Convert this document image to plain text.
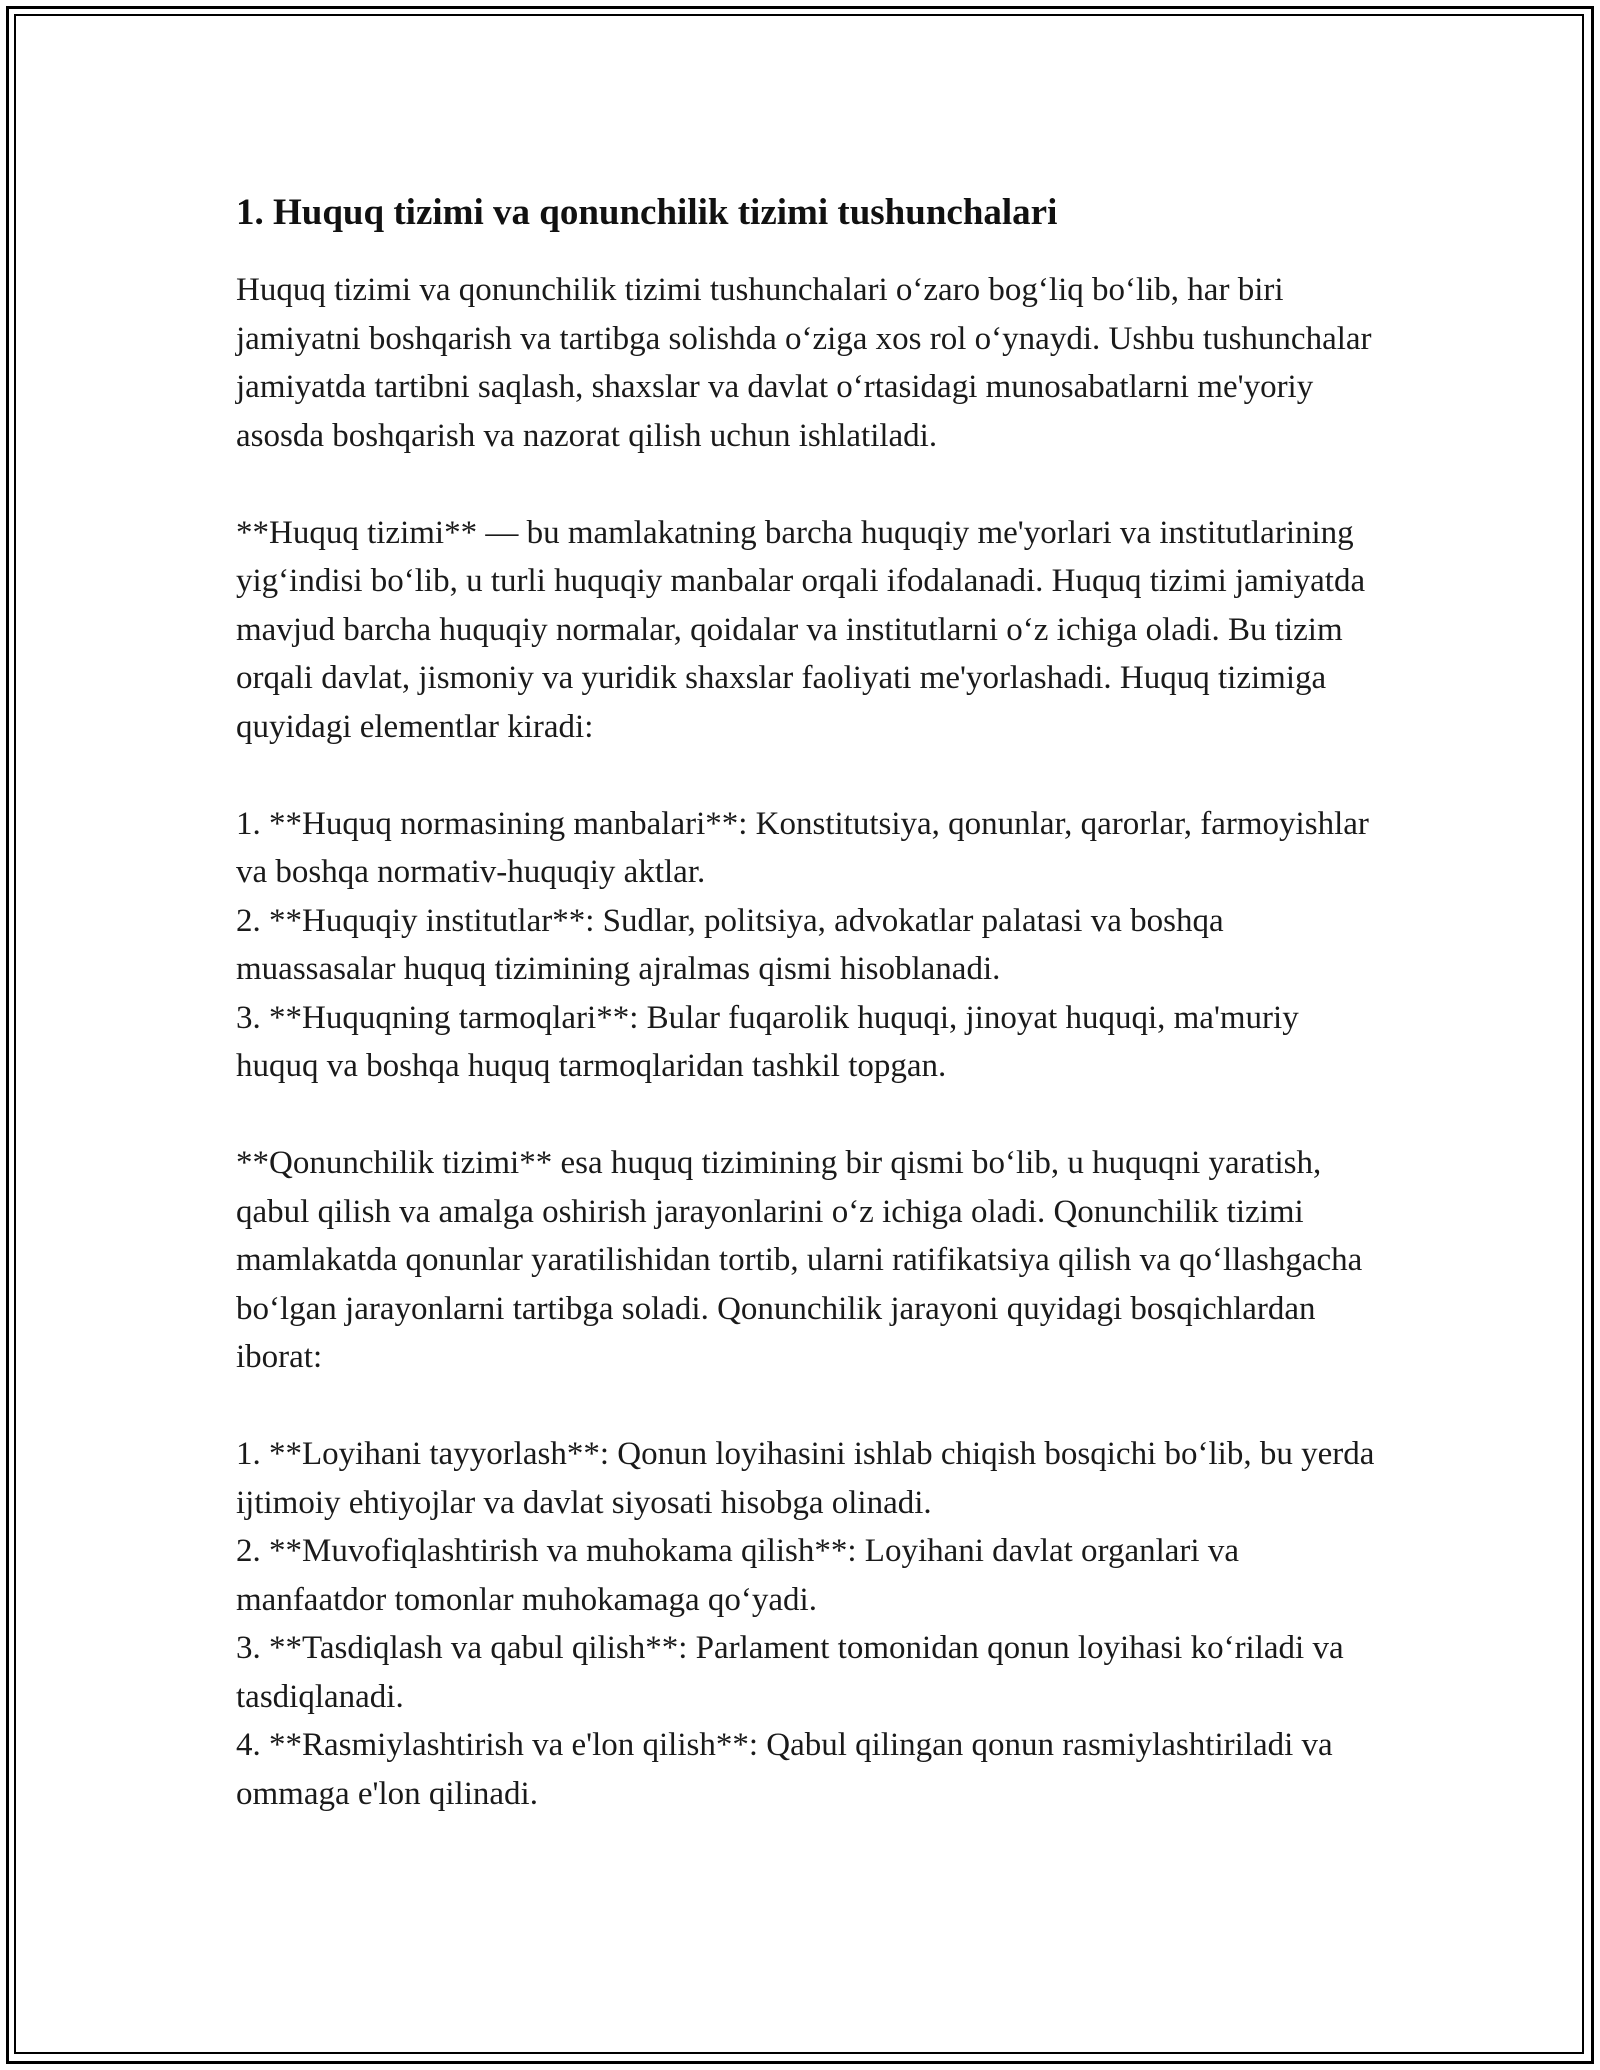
1. Huquq tizimi va qonunchilik tizimi tushunchalari

Huquq tizimi va qonunchilik tizimi tushunchalari o‘zaro bog‘liq bo‘lib, har biri jamiyatni boshqarish va tartibga solishda o‘ziga xos rol o‘ynaydi. Ushbu tushunchalar jamiyatda tartibni saqlash, shaxslar va davlat o‘rtasidagi munosabatlarni me'yoriy asosda boshqarish va nazorat qilish uchun ishlatiladi.

**Huquq tizimi** — bu mamlakatning barcha huquqiy me'yorlari va institutlarining yig‘indisi bo‘lib, u turli huquqiy manbalar orqali ifodalanadi. Huquq tizimi jamiyatda mavjud barcha huquqiy normalar, qoidalar va institutlarni o‘z ichiga oladi. Bu tizim orqali davlat, jismoniy va yuridik shaxslar faoliyati me'yorlashadi. Huquq tizimiga quyidagi elementlar kiradi:

1. **Huquq normasining manbalari**: Konstitutsiya, qonunlar, qarorlar, farmoyishlar va boshqa normativ-huquqiy aktlar.

2. **Huquqiy institutlar**: Sudlar, politsiya, advokatlar palatasi va boshqa muassasalar huquq tizimining ajralmas qismi hisoblanadi.

3. **Huquqning tarmoqlari**: Bular fuqarolik huquqi, jinoyat huquqi, ma'muriy huquq va boshqa huquq tarmoqlaridan tashkil topgan.

**Qonunchilik tizimi** esa huquq tizimining bir qismi bo‘lib, u huquqni yaratish, qabul qilish va amalga oshirish jarayonlarini o‘z ichiga oladi. Qonunchilik tizimi mamlakatda qonunlar yaratilishidan tortib, ularni ratifikatsiya qilish va qo‘llashgacha bo‘lgan jarayonlarni tartibga soladi. Qonunchilik jarayoni quyidagi bosqichlardan iborat:

1. **Loyihani tayyorlash**: Qonun loyihasini ishlab chiqish bosqichi bo‘lib, bu yerda ijtimoiy ehtiyojlar va davlat siyosati hisobga olinadi.

2. **Muvofiqlashtirish va muhokama qilish**: Loyihani davlat organlari va manfaatdor tomonlar muhokamaga qo‘yadi.

3. **Tasdiqlash va qabul qilish**: Parlament tomonidan qonun loyihasi ko‘riladi va tasdiqlanadi.

4. **Rasmiylashtirish va e'lon qilish**: Qabul qilingan qonun rasmiylashtiriladi va ommaga e'lon qilinadi.
